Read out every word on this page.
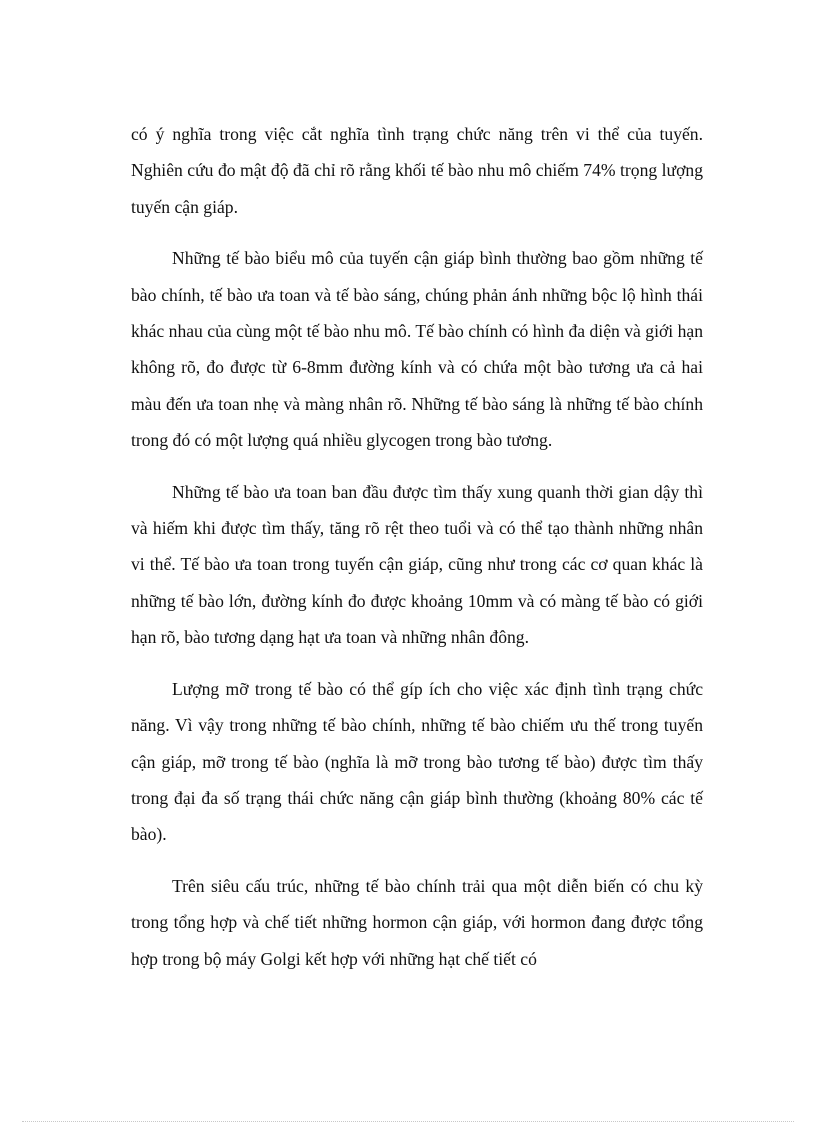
có ý nghĩa trong việc cắt nghĩa tình trạng chức năng trên vi thể của tuyến. Nghiên cứu đo mật độ đã chỉ rõ rằng khối tế bào nhu mô chiếm 74% trọng lượng tuyến cận giáp.

Những tế bào biểu mô của tuyến cận giáp bình thường bao gồm những tế bào chính, tế bào ưa toan và tế bào sáng, chúng phản ánh những bộc lộ hình thái khác nhau của cùng một tế bào nhu mô. Tế bào chính có hình đa diện và giới hạn không rõ, đo được từ 6-8mm đường kính và có chứa một bào tương ưa cả hai màu đến ưa toan nhẹ và màng nhân rõ. Những tế bào sáng là những tế bào chính trong đó có một lượng quá nhiều glycogen trong bào tương.

Những tế bào ưa toan ban đầu được tìm thấy xung quanh thời gian dậy thì và hiếm khi được tìm thấy, tăng rõ rệt theo tuổi và có thể tạo thành những nhân vi thể. Tế bào ưa toan trong tuyến cận giáp, cũng như trong các cơ quan khác là những tế bào lớn, đường kính đo được khoảng 10mm và có màng tế bào có giới hạn rõ, bào tương dạng hạt ưa toan và những nhân đông.

Lượng mỡ trong tế bào có thể gíp ích cho việc xác định tình trạng chức năng. Vì vậy trong những tế bào chính, những tế bào chiếm ưu thế trong tuyến cận giáp, mỡ trong tế bào (nghĩa là mỡ trong bào tương tế bào) được tìm thấy trong đại đa số trạng thái chức năng cận giáp bình thường (khoảng 80% các tế bào).

Trên siêu cấu trúc, những tế bào chính trải qua một diễn biến có chu kỳ trong tổng hợp và chế tiết những hormon cận giáp, với hormon đang được tổng hợp trong bộ máy Golgi kết hợp với những hạt chế tiết có
